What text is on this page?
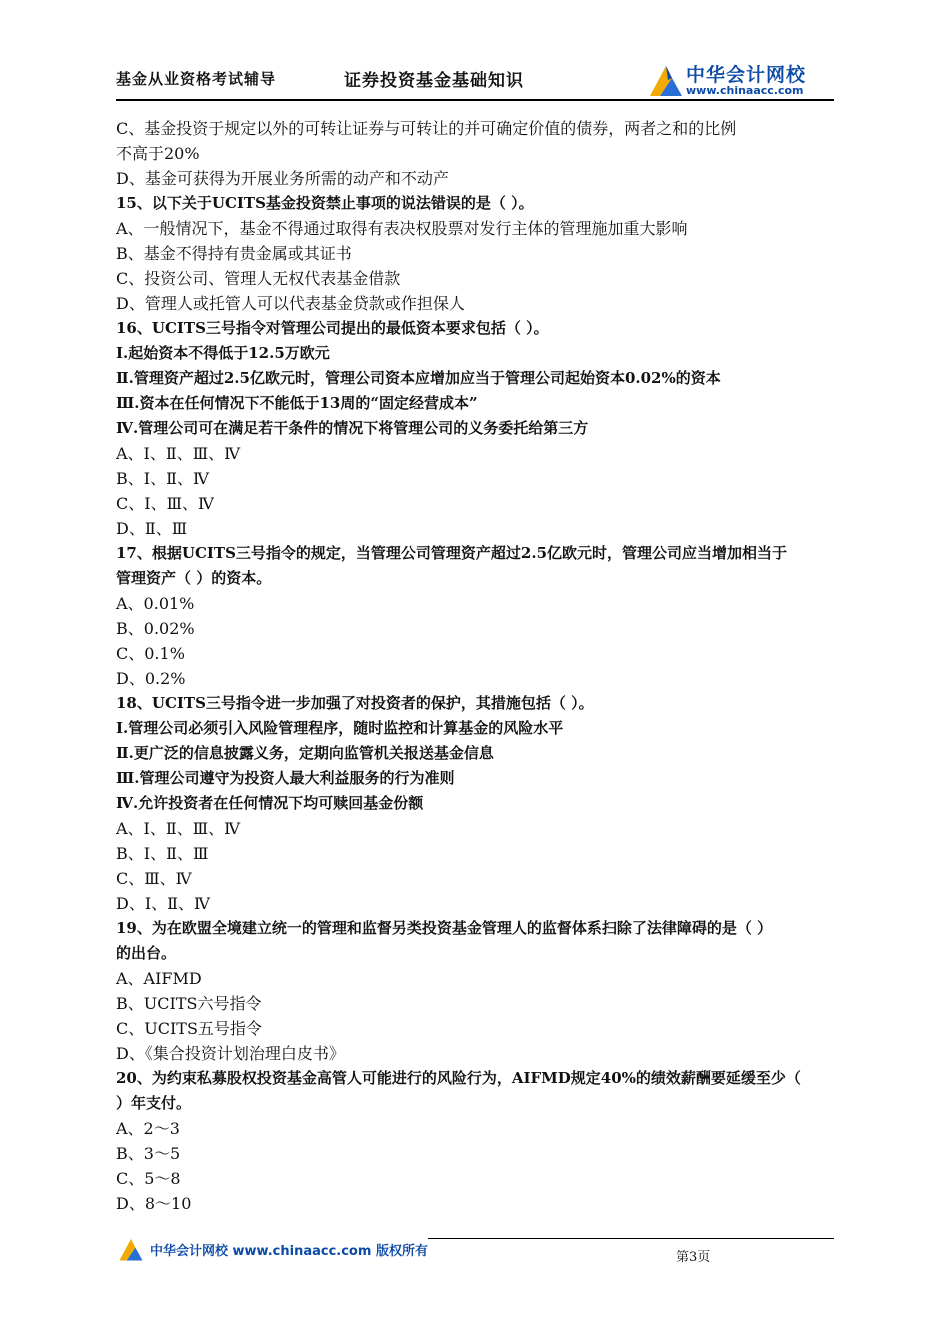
基金从业资格考试辅导	证券投资基金基础知识	中华会计网校
www.chinaacc.com
C、基金投资于规定以外的可转让证券与可转让的并可确定价值的债券，两者之和的比例
不高于20%
D、基金可获得为开展业务所需的动产和不动产
15、以下关于UCITS基金投资禁止事项的说法错误的是（ ）。
A、一般情况下，基金不得通过取得有表决权股票对发行主体的管理施加重大影响
B、基金不得持有贵金属或其证书
C、投资公司、管理人无权代表基金借款
D、管理人或托管人可以代表基金贷款或作担保人
16、UCITS三号指令对管理公司提出的最低资本要求包括（ ）。
Ⅰ.起始资本不得低于12.5万欧元
Ⅱ.管理资产超过2.5亿欧元时，管理公司资本应增加应当于管理公司起始资本0.02%的资本
Ⅲ.资本在任何情况下不能低于13周的“固定经营成本”
Ⅳ.管理公司可在满足若干条件的情况下将管理公司的义务委托给第三方
A、Ⅰ、Ⅱ、Ⅲ、Ⅳ
B、Ⅰ、Ⅱ、Ⅳ
C、Ⅰ、Ⅲ、Ⅳ
D、Ⅱ、Ⅲ
17、根据UCITS三号指令的规定，当管理公司管理资产超过2.5亿欧元时，管理公司应当增加相当于
管理资产（ ）的资本。
A、0.01%
B、0.02%
C、0.1%
D、0.2%
18、UCITS三号指令进一步加强了对投资者的保护，其措施包括（ ）。
Ⅰ.管理公司必须引入风险管理程序，随时监控和计算基金的风险水平
Ⅱ.更广泛的信息披露义务，定期向监管机关报送基金信息
Ⅲ.管理公司遵守为投资人最大利益服务的行为准则
Ⅳ.允许投资者在任何情况下均可赎回基金份额
A、Ⅰ、Ⅱ、Ⅲ、Ⅳ
B、Ⅰ、Ⅱ、Ⅲ
C、Ⅲ、Ⅳ
D、Ⅰ、Ⅱ、Ⅳ
19、为在欧盟全境建立统一的管理和监督另类投资基金管理人的监督体系扫除了法律障碍的是（ ）
的出台。
A、AIFMD
B、UCITS六号指令
C、UCITS五号指令
D、《集合投资计划治理白皮书》
20、为约束私募股权投资基金高管人可能进行的风险行为，AIFMD规定40%的绩效薪酬要延缓至少（
）年支付。
A、2～3
B、3～5
C、5～8
D、8～10
中华会计网校 www.chinaacc.com 版权所有	第3页
